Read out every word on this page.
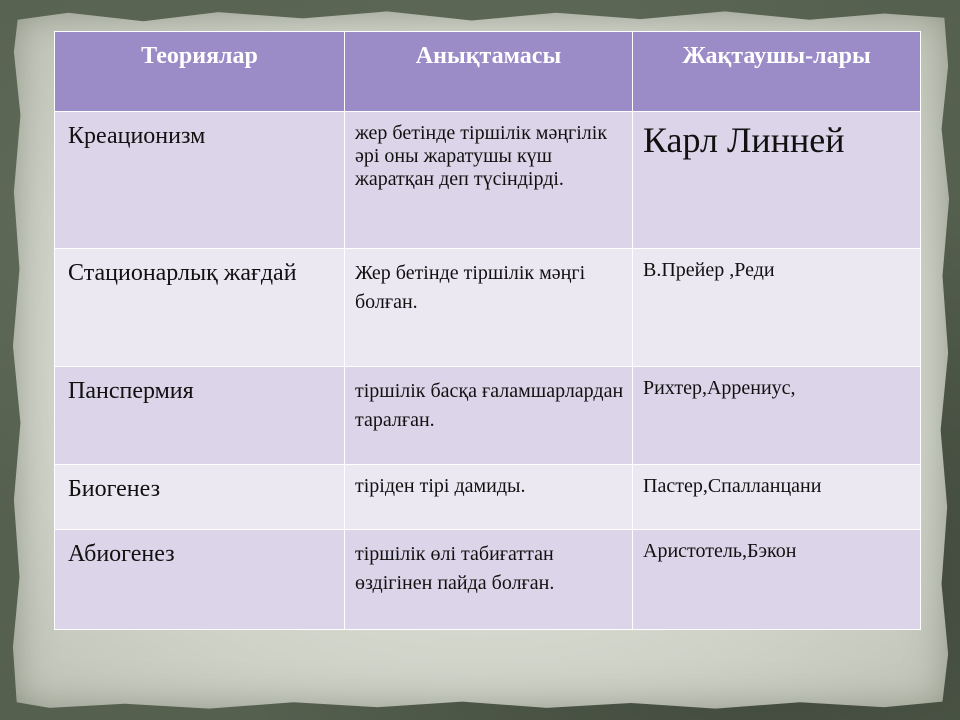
Теориялар	Анықтамасы	Жақтаушы-лары
Креационизм	жер бетінде тіршілік мәңгілік әрі оны жаратушы күш жаратқан деп түсіндірді.	Карл Линней
Стационарлық жағдай	Жер бетінде тіршілік мәңгі болған.	В.Прейер ,Реди
Панспермия	тіршілік басқа ғаламшарлардан таралған.	Рихтер,Аррениус,
Биогенез	тіріден тірі дамиды.	Пастер,Спалланцани
Абиогенез	тіршілік өлі табиғаттан өздігінен пайда болған.	Аристотель,Бэкон
